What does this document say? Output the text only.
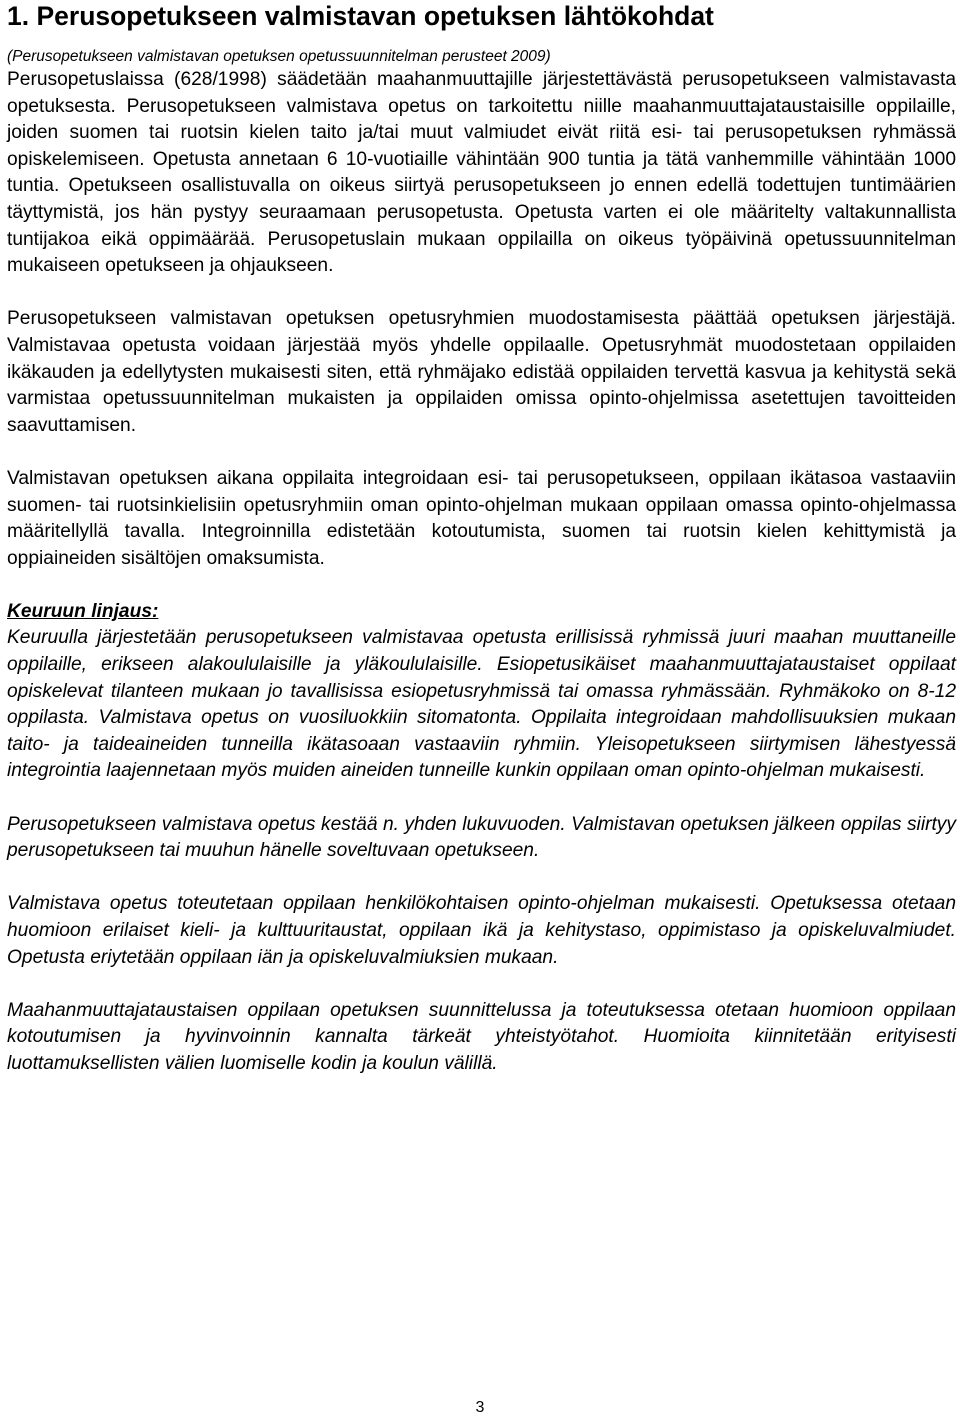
1. Perusopetukseen valmistavan opetuksen lähtökohdat

(Perusopetukseen valmistavan opetuksen opetussuunnitelman perusteet 2009)

Perusopetuslaissa (628/1998) säädetään maahanmuuttajille järjestettävästä perusopetukseen valmistavasta opetuksesta. Perusopetukseen valmistava opetus on tarkoitettu niille maahanmuuttajataustaisille oppilaille, joiden suomen tai ruotsin kielen taito ja/tai muut valmiudet eivät riitä esi- tai perusopetuksen ryhmässä opiskelemiseen. Opetusta annetaan 6 10-vuotiaille vähintään 900 tuntia ja tätä vanhemmille vähintään 1000 tuntia. Opetukseen osallistuvalla on oikeus siirtyä perusopetukseen jo ennen edellä todettujen tuntimäärien täyttymistä, jos hän pystyy seuraamaan perusopetusta. Opetusta varten ei ole määritelty valtakunnallista tuntijakoa eikä oppimäärää. Perusopetuslain mukaan oppilailla on oikeus työpäivinä opetussuunnitelman mukaiseen opetukseen ja ohjaukseen.

Perusopetukseen valmistavan opetuksen opetusryhmien muodostamisesta päättää opetuksen järjestäjä. Valmistavaa opetusta voidaan järjestää myös yhdelle oppilaalle. Opetusryhmät muodostetaan oppilaiden ikäkauden ja edellytysten mukaisesti siten, että ryhmäjako edistää oppilaiden tervettä kasvua ja kehitystä sekä varmistaa opetussuunnitelman mukaisten ja oppilaiden omissa opinto-ohjelmissa asetettujen tavoitteiden saavuttamisen.

Valmistavan opetuksen aikana oppilaita integroidaan esi- tai perusopetukseen, oppilaan ikätasoa vastaaviin suomen- tai ruotsinkielisiin opetusryhmiin oman opinto-ohjelman mukaan oppilaan omassa opinto-ohjelmassa määritellyllä tavalla. Integroinnilla edistetään kotoutumista, suomen tai ruotsin kielen kehittymistä ja oppiaineiden sisältöjen omaksumista.

Keuruun linjaus:

Keuruulla järjestetään perusopetukseen valmistavaa opetusta erillisissä ryhmissä juuri maahan muuttaneille oppilaille, erikseen alakoululaisille ja yläkoululaisille. Esiopetusikäiset maahanmuuttajataustaiset oppilaat opiskelevat tilanteen mukaan jo tavallisissa esiopetusryhmissä tai omassa ryhmässään. Ryhmäkoko on 8-12 oppilasta. Valmistava opetus on vuosiluokkiin sitomatonta. Oppilaita integroidaan mahdollisuuksien mukaan taito- ja taideaineiden tunneilla ikätasoaan vastaaviin ryhmiin. Yleisopetukseen siirtymisen lähestyessä integrointia laajennetaan myös muiden aineiden tunneille kunkin oppilaan oman opinto-ohjelman mukaisesti.

Perusopetukseen valmistava opetus kestää n. yhden lukuvuoden. Valmistavan opetuksen jälkeen oppilas siirtyy perusopetukseen tai muuhun hänelle soveltuvaan opetukseen.

Valmistava opetus toteutetaan oppilaan henkilökohtaisen opinto-ohjelman mukaisesti. Opetuksessa otetaan huomioon erilaiset kieli- ja kulttuuritaustat, oppilaan ikä ja kehitystaso, oppimistaso ja opiskeluvalmiudet. Opetusta eriytetään oppilaan iän ja opiskeluvalmiuksien mukaan.

Maahanmuuttajataustaisen oppilaan opetuksen suunnittelussa ja toteutuksessa otetaan huomioon oppilaan kotoutumisen ja hyvinvoinnin kannalta tärkeät yhteistyötahot. Huomioita kiinnitetään erityisesti luottamuksellisten välien luomiselle kodin ja koulun välillä.

3
